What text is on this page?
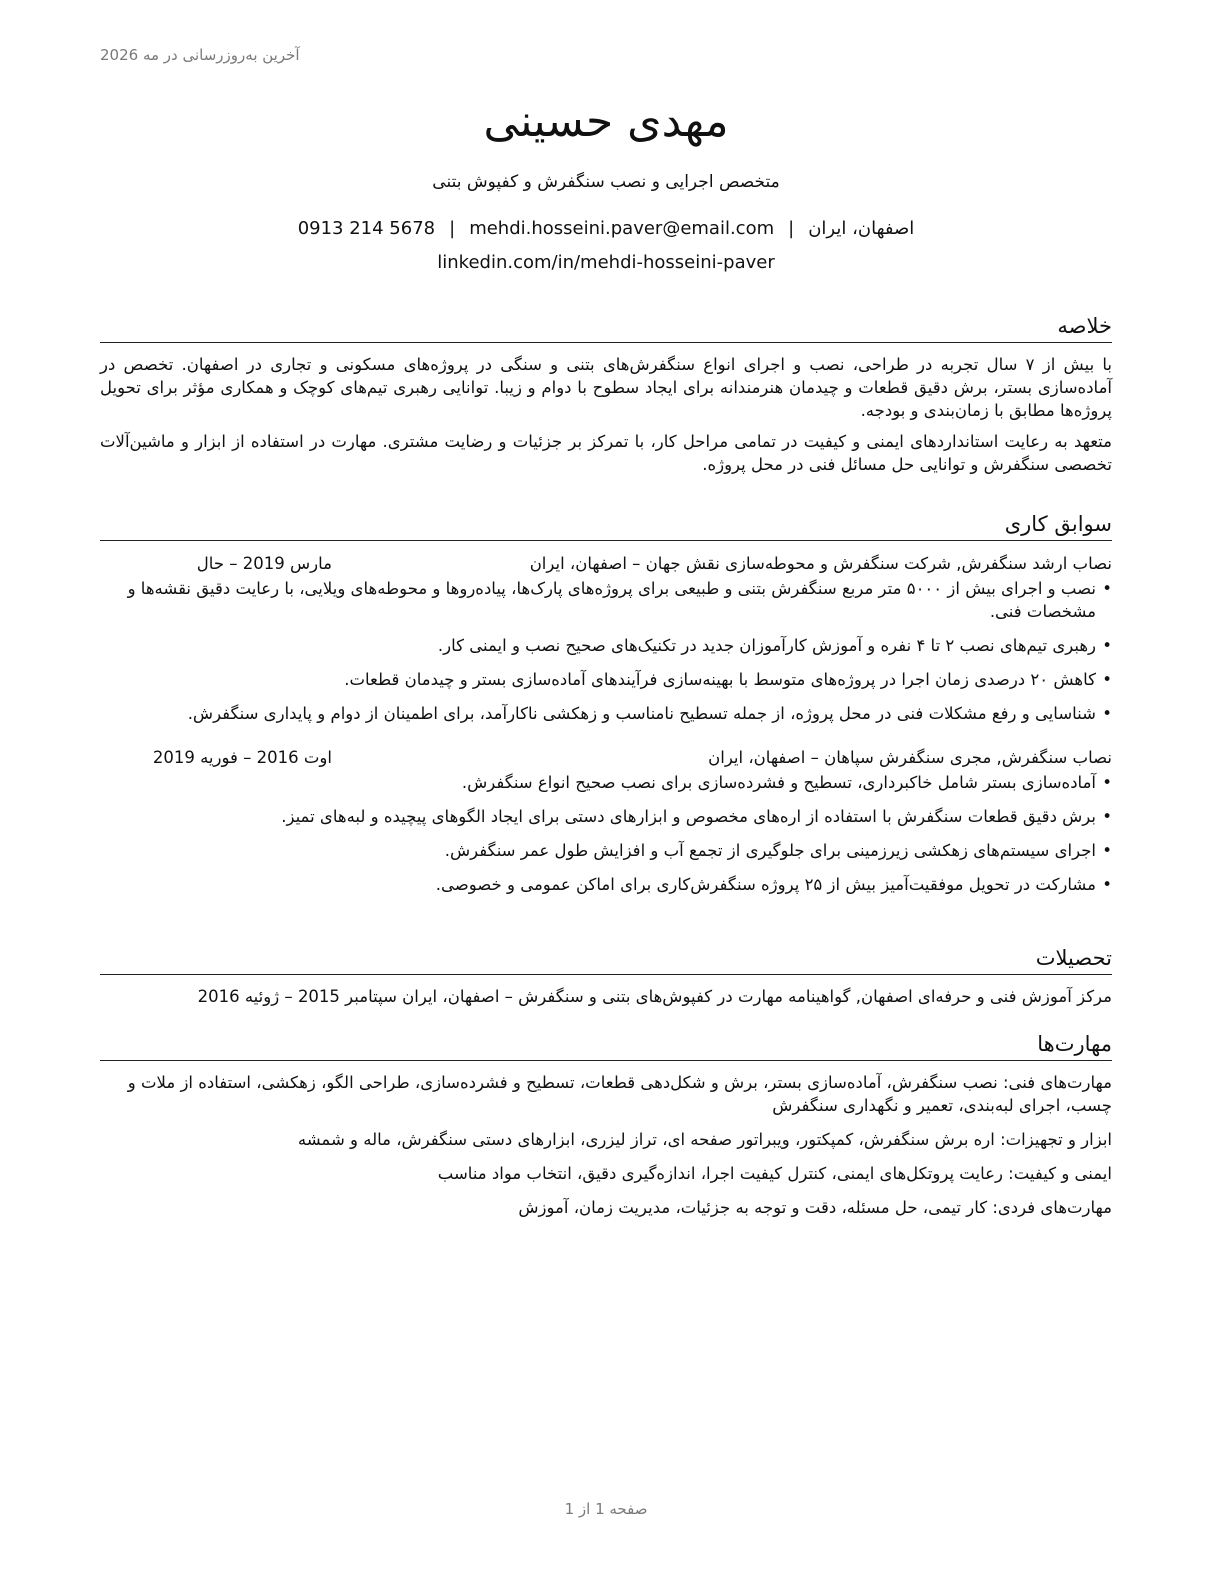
آخرین به‌روزرسانی در مه 2026
مهدی حسینی
متخصص اجرایی و نصب سنگفرش و کفپوش بتنی
اصفهان، ایران|mehdi.hosseini.paver@email.com|0913 214 5678
linkedin.com/in/mehdi-hosseini-paver
خلاصه

با بیش از ۷ سال تجربه در طراحی، نصب و اجرای انواع سنگفرش‌های بتنی و سنگی در پروژه‌های مسکونی و تجاری در اصفهان. تخصص در آماده‌سازی بستر، برش دقیق قطعات و چیدمان هنرمندانه برای ایجاد سطوح با دوام و زیبا. توانایی رهبری تیم‌های کوچک و همکاری مؤثر برای تحویل پروژه‌ها مطابق با زمان‌بندی و بودجه.

متعهد به رعایت استانداردهای ایمنی و کیفیت در تمامی مراحل کار، با تمرکز بر جزئیات و رضایت مشتری. مهارت در استفاده از ابزار و ماشین‌آلات تخصصی سنگفرش و توانایی حل مسائل فنی در محل پروژه.

سوابق کاری
نصاب ارشد سنگفرش, شرکت سنگفرش و محوطه‌سازی نقش جهان – اصفهان، ایران
مارس 2019 – حال
• نصب و اجرای بیش از ۵۰۰۰ متر مربع سنگفرش بتنی و طبیعی برای پروژه‌های پارک‌ها، پیاده‌روها و محوطه‌های ویلایی، با رعایت دقیق نقشه‌ها و مشخصات فنی.
• رهبری تیم‌های نصب ۲ تا ۴ نفره و آموزش کارآموزان جدید در تکنیک‌های صحیح نصب و ایمنی کار.
• کاهش ۲۰ درصدی زمان اجرا در پروژه‌های متوسط با بهینه‌سازی فرآیندهای آماده‌سازی بستر و چیدمان قطعات.
• شناسایی و رفع مشکلات فنی در محل پروژه، از جمله تسطیح نامناسب و زهکشی ناکارآمد، برای اطمینان از دوام و پایداری سنگفرش.
نصاب سنگفرش, مجری سنگفرش سپاهان – اصفهان، ایران
اوت 2016 – فوریه 2019
• آماده‌سازی بستر شامل خاکبرداری، تسطیح و فشرده‌سازی برای نصب صحیح انواع سنگفرش.
• برش دقیق قطعات سنگفرش با استفاده از اره‌های مخصوص و ابزارهای دستی برای ایجاد الگوهای پیچیده و لبه‌های تمیز.
• اجرای سیستم‌های زهکشی زیرزمینی برای جلوگیری از تجمع آب و افزایش طول عمر سنگفرش.
• مشارکت در تحویل موفقیت‌آمیز بیش از ۲۵ پروژه سنگفرش‌کاری برای اماکن عمومی و خصوصی.
تحصیلات

مرکز آموزش فنی و حرفه‌ای اصفهان, گواهینامه مهارت در کفپوش‌های بتنی و سنگفرش – اصفهان، ایران سپتامبر 2015 – ژوئیه 2016

مهارت‌ها

مهارت‌های فنی: نصب سنگفرش، آماده‌سازی بستر، برش و شکل‌دهی قطعات، تسطیح و فشرده‌سازی، طراحی الگو، زهکشی، استفاده از ملات و چسب، اجرای لبه‌بندی، تعمیر و نگهداری سنگفرش

ابزار و تجهیزات: اره برش سنگفرش، کمپکتور، ویبراتور صفحه ای، تراز لیزری، ابزارهای دستی سنگفرش، ماله و شمشه

ایمنی و کیفیت: رعایت پروتکل‌های ایمنی، کنترل کیفیت اجرا، اندازه‌گیری دقیق، انتخاب مواد مناسب

مهارت‌های فردی: کار تیمی، حل مسئله، دقت و توجه به جزئیات، مدیریت زمان، آموزش

صفحه 1 از 1
